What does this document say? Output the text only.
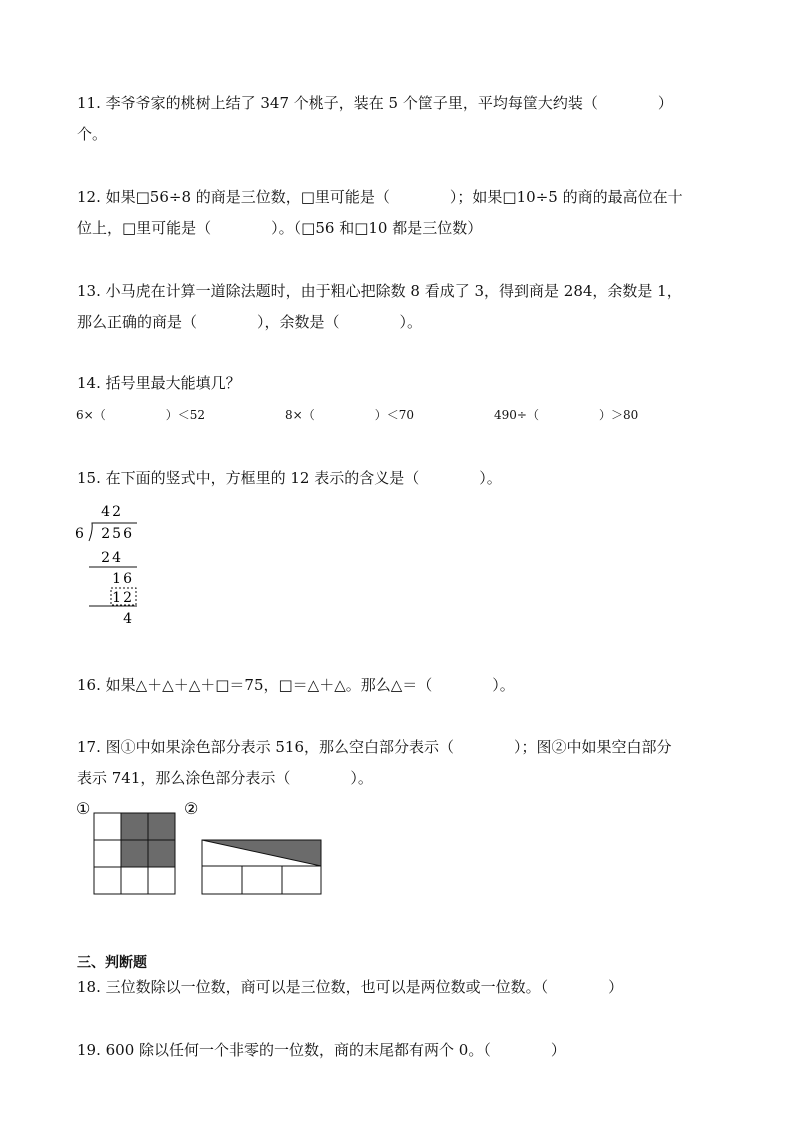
11. 李爷爷家的桃树上结了 347 个桃子，装在 5 个筐子里，平均每筐大约装（　　　　）
个。
12. 如果□56÷8 的商是三位数，□里可能是（　　　　）；如果□10÷5 的商的最高位在十
位上，□里可能是（　　　　）。（□56 和□10 都是三位数）
13. 小马虎在计算一道除法题时，由于粗心把除数 8 看成了 3，得到商是 284，余数是 1，
那么正确的商是（　　　　），余数是（　　　　）。
14. 括号里最大能填几？
6×（　　　　　）＜52	8×（　　　　　）＜70	490÷（　　　　　）＞80
15. 在下面的竖式中，方框里的 12 表示的含义是（　　　　）。
42
6 256
24
16
12
4
16. 如果△＋△＋△＋□＝75，□＝△＋△。那么△＝（　　　　）。
17. 图①中如果涂色部分表示 516，那么空白部分表示（　　　　）；图②中如果空白部分
表示 741，那么涂色部分表示（　　　　）。
①	②
三、判断题
18. 三位数除以一位数，商可以是三位数，也可以是两位数或一位数。（　　　　）
19. 600 除以任何一个非零的一位数，商的末尾都有两个 0。（　　　　）
